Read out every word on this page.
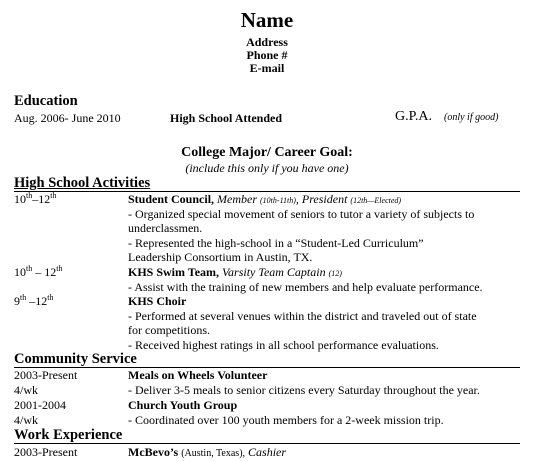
Name
Address
Phone #
E-mail
Education
Aug. 2006- June 2010	High School Attended	G.P.A. (only if good)
College Major/ Career Goal:
(include this only if you have one)
High School Activities
10th–12th	Student Council, Member (10th-11th), President (12th—Elected)
- Organized special movement of seniors to tutor a variety of subjects to
underclassmen.
- Represented the high-school in a “Student-Led Curriculum”
Leadership Consortium in Austin, TX.
10th – 12th	KHS Swim Team, Varsity Team Captain (12)
- Assist with the training of new members and help evaluate performance.
9th –12th	KHS Choir
- Performed at several venues within the district and traveled out of state
for competitions.
- Received highest ratings in all school performance evaluations.
Community Service
2003-Present	Meals on Wheels Volunteer
4/wk	- Deliver 3-5 meals to senior citizens every Saturday throughout the year.
2001-2004	Church Youth Group
4/wk	- Coordinated over 100 youth members for a 2-week mission trip.
Work Experience
2003-Present	McBevo’s (Austin, Texas), Cashier
